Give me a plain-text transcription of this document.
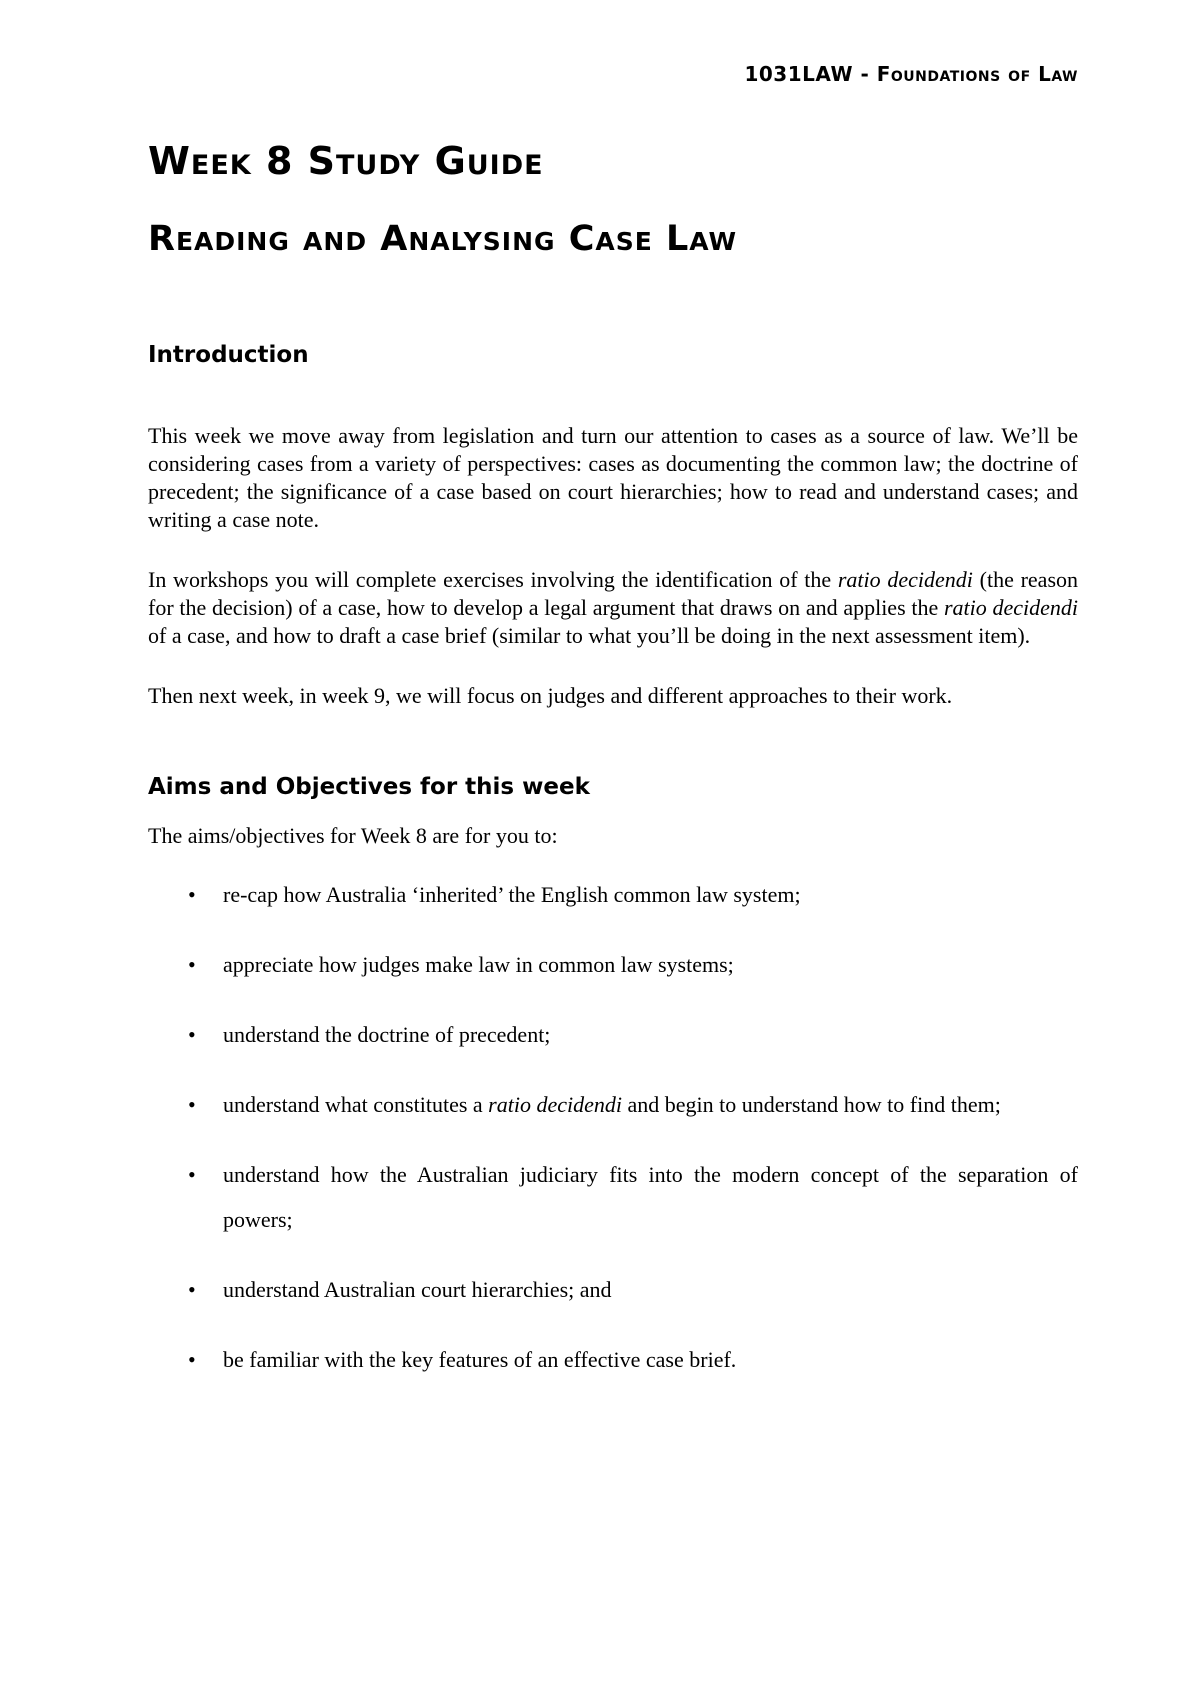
1031LAW - Foundations of Law
Week 8 Study Guide
Reading and Analysing Case Law
Introduction

This week we move away from legislation and turn our attention to cases as a source of law. We’ll be considering cases from a variety of perspectives: cases as documenting the common law; the doctrine of precedent; the significance of a case based on court hierarchies; how to read and understand cases; and writing a case note.

In workshops you will complete exercises involving the identification of the ratio decidendi (the reason for the decision) of a case, how to develop a legal argument that draws on and applies the ratio decidendi of a case, and how to draft a case brief (similar to what you’ll be doing in the next assessment item).

Then next week, in week 9, we will focus on judges and different approaches to their work.

Aims and Objectives for this week

The aims/objectives for Week 8 are for you to:

• re-cap how Australia ‘inherited’ the English common law system;
• appreciate how judges make law in common law systems;
• understand the doctrine of precedent;
• understand what constitutes a ratio decidendi and begin to understand how to find them;
• understand how the Australian judiciary fits into the modern concept of the separation of powers;
• understand Australian court hierarchies; and
• be familiar with the key features of an effective case brief.
